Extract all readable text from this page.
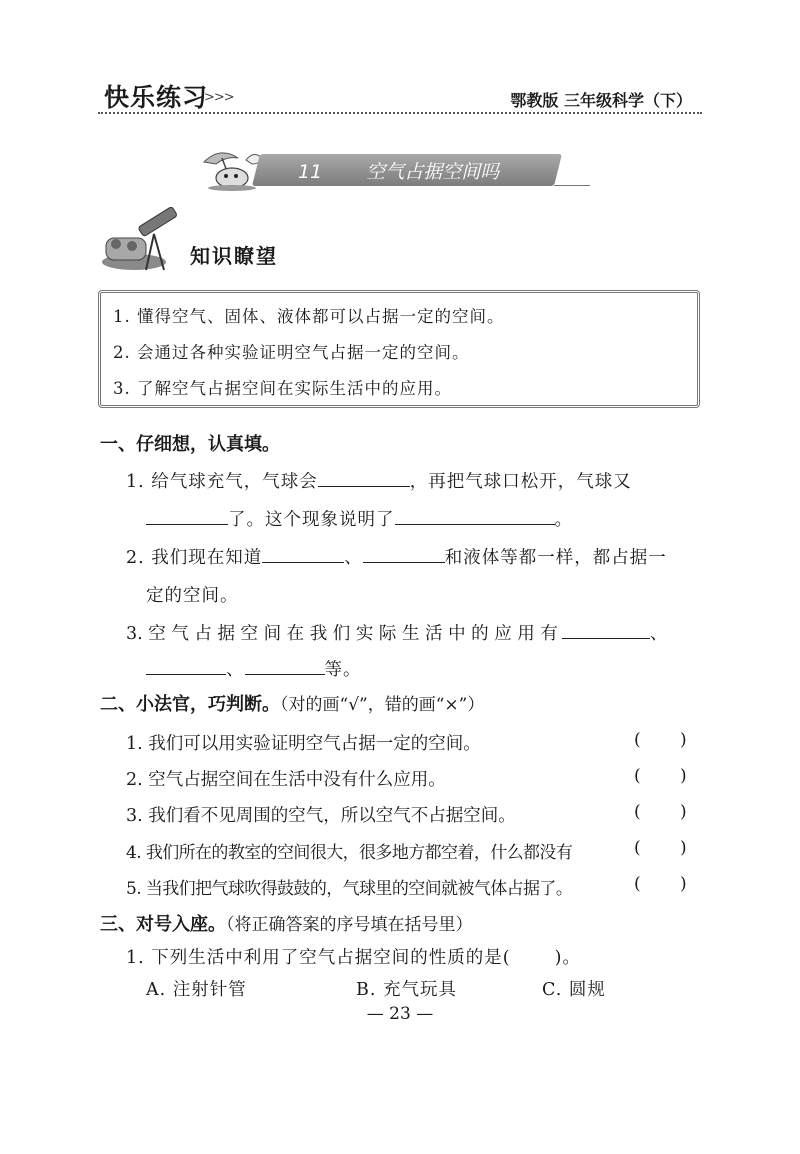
快乐练习
>>>	鄂教版 三年级科学（下）
11 空气占据空间吗
知识瞭望
1. 懂得空气、固体、液体都可以占据一定的空间。
2. 会通过各种实验证明空气占据一定的空间。
3. 了解空气占据空间在实际生活中的应用。
一、仔细想，认真填。
1. 给气球充气，气球会	，再把气球口松开，气球又
了。这个现象说明了	。
2. 我们现在知道	、	和液体等都一样，都占据一
定的空间。
3. 空 气 占 据 空 间 在 我 们 实 际 生 活 中 的 应 用 有	、
、	等。
二、小法官，巧判断。（对的画“√”，错的画“×”）
1. 我们可以用实验证明空气占据一定的空间。	( )
2. 空气占据空间在生活中没有什么应用。	( )
3. 我们看不见周围的空气，所以空气不占据空间。	( )
4. 我们所在的教室的空间很大，很多地方都空着，什么都没有	( )
5. 当我们把气球吹得鼓鼓的，气球里的空间就被气体占据了。	( )
三、对号入座。（将正确答案的序号填在括号里）
1. 下列生活中利用了空气占据空间的性质的是(	)。
A. 注射针管	B. 充气玩具	C. 圆规
— 23 —
